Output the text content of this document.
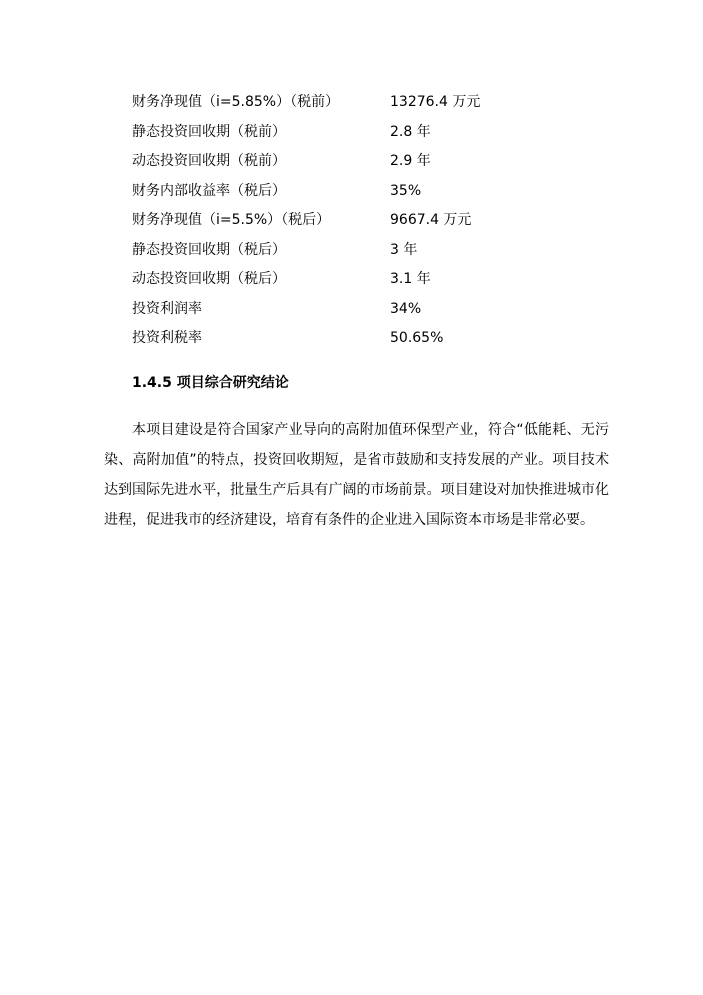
财务净现值（i=5.85%）（税前）	13276.4 万元
静态投资回收期（税前）	2.8 年
动态投资回收期（税前）	2.9 年
财务内部收益率（税后）	35%
财务净现值（i=5.5%）（税后）	9667.4 万元
静态投资回收期（税后）	3 年
动态投资回收期（税后）	3.1 年
投资利润率	34%
投资利税率	50.65%
1.4.5 项目综合研究结论

本项目建设是符合国家产业导向的高附加值环保型产业，符合“低能耗、无污染、高附加值”的特点，投资回收期短，是省市鼓励和支持发展的产业。项目技术达到国际先进水平，批量生产后具有广阔的市场前景。项目建设对加快推进城市化进程，促进我市的经济建设，培育有条件的企业进入国际资本市场是非常必要。
